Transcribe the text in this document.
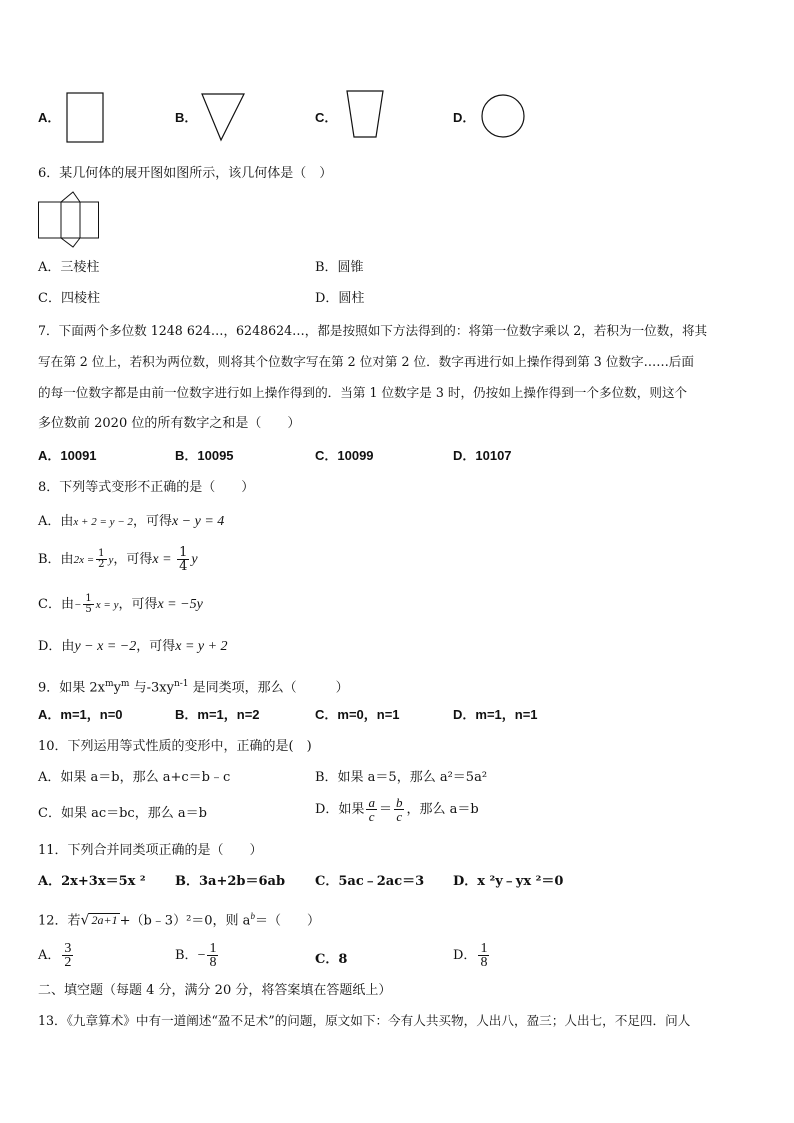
A．	B．	C．	D．
6．某几何体的展开图如图所示，该几何体是（　）
A．三棱柱	B．圆锥
C．四棱柱	D．圆柱
7．下面两个多位数 1248 624…，6248624…，都是按照如下方法得到的：将第一位数字乘以 2，若积为一位数，将其
写在第 2 位上，若积为两位数，则将其个位数字写在第 2 位对第 2 位．数字再进行如上操作得到第 3 位数字……后面
的每一位数字都是由前一位数字进行如上操作得到的．当第 1 位数字是 3 时，仍按如上操作得到一个多位数，则这个
多位数前 2020 位的所有数字之和是（　　）
A．10091	B．10095	C．10099	D．10107
8．下列等式变形不正确的是（　　）
A．由x + 2 = y − 2，可得x − y = 4
B．由$2x = \frac{1}{2}$ y，可得$x = \frac{1}{4}$ y
C．由− $\frac{1}{5}$ x = y，可得x = −5y
D．由y − x = −2，可得x = y + 2
9．如果 $2x^my^m$ 与$-3xy^{n-1}$ 是同类项，那么（　　　）
A．m=1，n=0	B．m=1，n=2	C．m=0，n=1	D．m=1，n=1
10．下列运用等式性质的变形中，正确的是(　)
A．如果 a＝b，那么 a+c＝b﹣c	B．如果 a＝5，那么 a²＝5a²
C．如果 ac＝bc，那么 a＝b	D．如果 $\frac{a}{c} = \frac{b}{c}$ ，那么 a＝b
11．下列合并同类项正确的是（　　）
A．2x+3x＝5x ² B．3a+2b＝6ab C．5ac﹣2ac＝3 D．x ²y﹣yx ²＝0
12．若√ 2a+1 +（b﹣3）²＝0，则 $a^b=$（　　）
A． $\frac{3}{2}$	B．− $\frac{1}{8}$	C．8	D． $\frac{1}{8}$
二、填空题（每题 4 分，满分 20 分，将答案填在答题纸上）
13．《九章算术》中有一道阐述“盈不足术”的问题，原文如下：今有人共买物，人出八，盈三；人出七，不足四．问人
